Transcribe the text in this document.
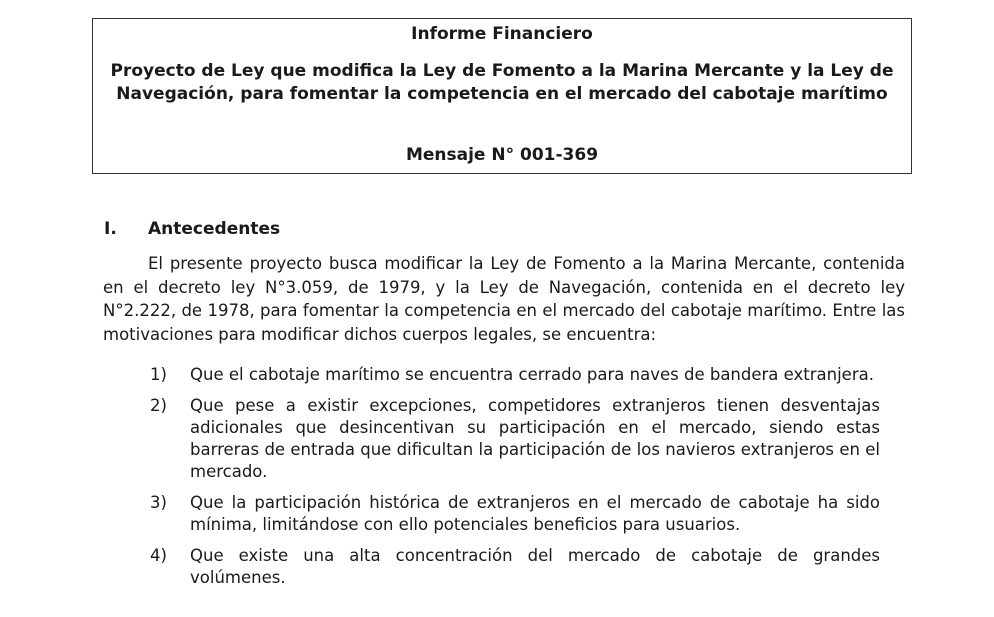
Informe Financiero
Proyecto de Ley que modifica la Ley de Fomento a la Marina Mercante y la Ley de Navegación, para fomentar la competencia en el mercado del cabotaje marítimo
Mensaje N° 001-369
I.	Antecedentes

El presente proyecto busca modificar la Ley de Fomento a la Marina Mercante, contenida en el decreto ley N°3.059, de 1979, y la Ley de Navegación, contenida en el decreto ley N°2.222, de 1978, para fomentar la competencia en el mercado del cabotaje marítimo. Entre las motivaciones para modificar dichos cuerpos legales, se encuentra:

1)	Que el cabotaje marítimo se encuentra cerrado para naves de bandera extranjera.
2)	Que pese a existir excepciones, competidores extranjeros tienen desventajas adicionales que desincentivan su participación en el mercado, siendo estas barreras de entrada que dificultan la participación de los navieros extranjeros en el mercado.
3)	Que la participación histórica de extranjeros en el mercado de cabotaje ha sido mínima, limitándose con ello potenciales beneficios para usuarios.
4)	Que existe una alta concentración del mercado de cabotaje de grandes volúmenes.
